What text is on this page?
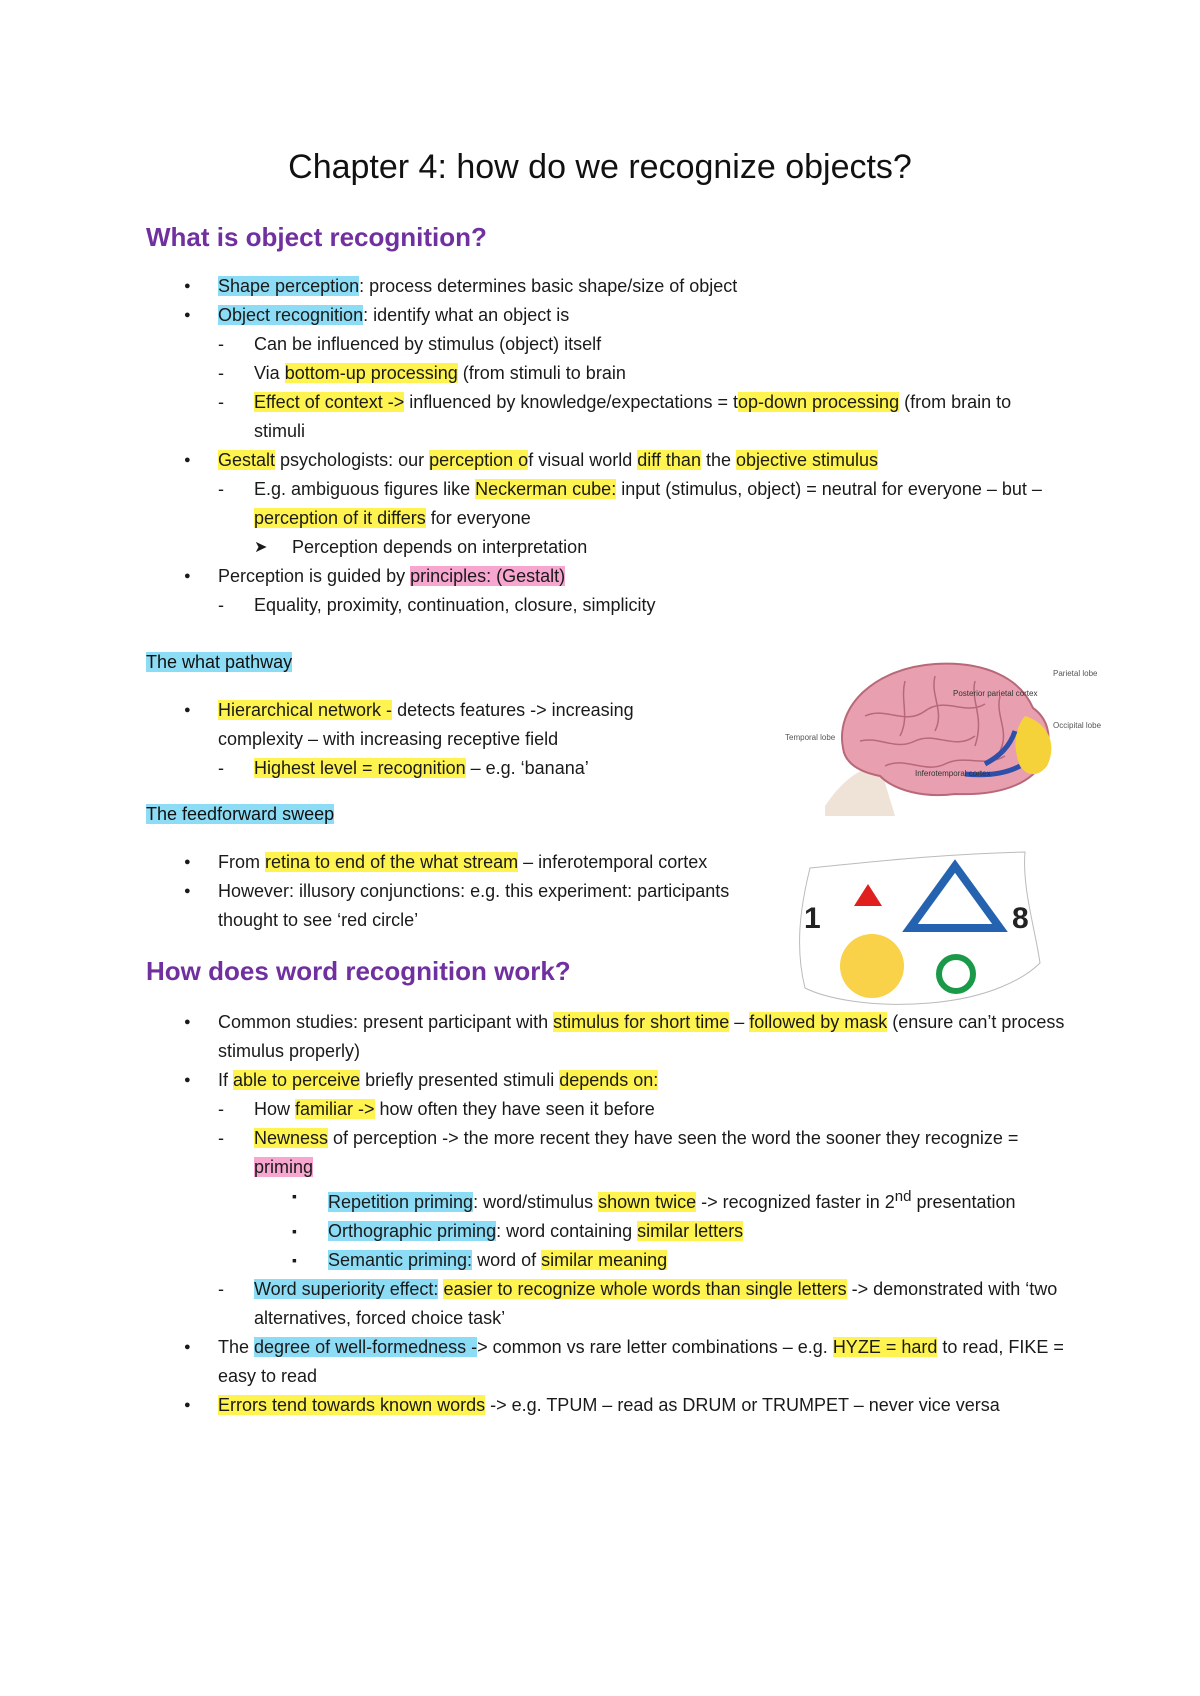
Chapter 4: how do we recognize objects?
What is object recognition?
● Shape perception: process determines basic shape/size of object
● Object recognition: identify what an object is
- Can be influenced by stimulus (object) itself
- Via bottom-up processing (from stimuli to brain
- Effect of context -> influenced by knowledge/expectations = top-down processing (from brain to stimuli
● Gestalt psychologists: our perception of visual world diff than the objective stimulus
- E.g. ambiguous figures like Neckerman cube: input (stimulus, object) = neutral for everyone – but – perception of it differs for everyone
➤ Perception depends on interpretation
● Perception is guided by principles: (Gestalt)
- Equality, proximity, continuation, closure, simplicity

The what pathway

● Hierarchical network - detects features -> increasing complexity – with increasing receptive field
- Highest level = recognition – e.g. ‘banana’
Parietal lobe
Posterior parietal cortex
Occipital lobe
Temporal lobe
Inferotemporal cortex

The feedforward sweep

● From retina to end of the what stream – inferotemporal cortex
● However: illusory conjunctions: e.g. this experiment: participants thought to see ‘red circle’	1	8
How does word recognition work?
● Common studies: present participant with stimulus for short time – followed by mask (ensure can’t process stimulus properly)
● If able to perceive briefly presented stimuli depends on:
- How familiar -> how often they have seen it before
- Newness of perception -> the more recent they have seen the word the sooner they recognize = priming
▪ Repetition priming: word/stimulus shown twice -> recognized faster in 2nd presentation
▪ Orthographic priming: word containing similar letters
▪ Semantic priming: word of similar meaning
- Word superiority effect: easier to recognize whole words than single letters -> demonstrated with ‘two alternatives, forced choice task’
● The degree of well-formedness -> common vs rare letter combinations – e.g. HYZE = hard to read, FIKE = easy to read
● Errors tend towards known words -> e.g. TPUM – read as DRUM or TRUMPET – never vice versa
